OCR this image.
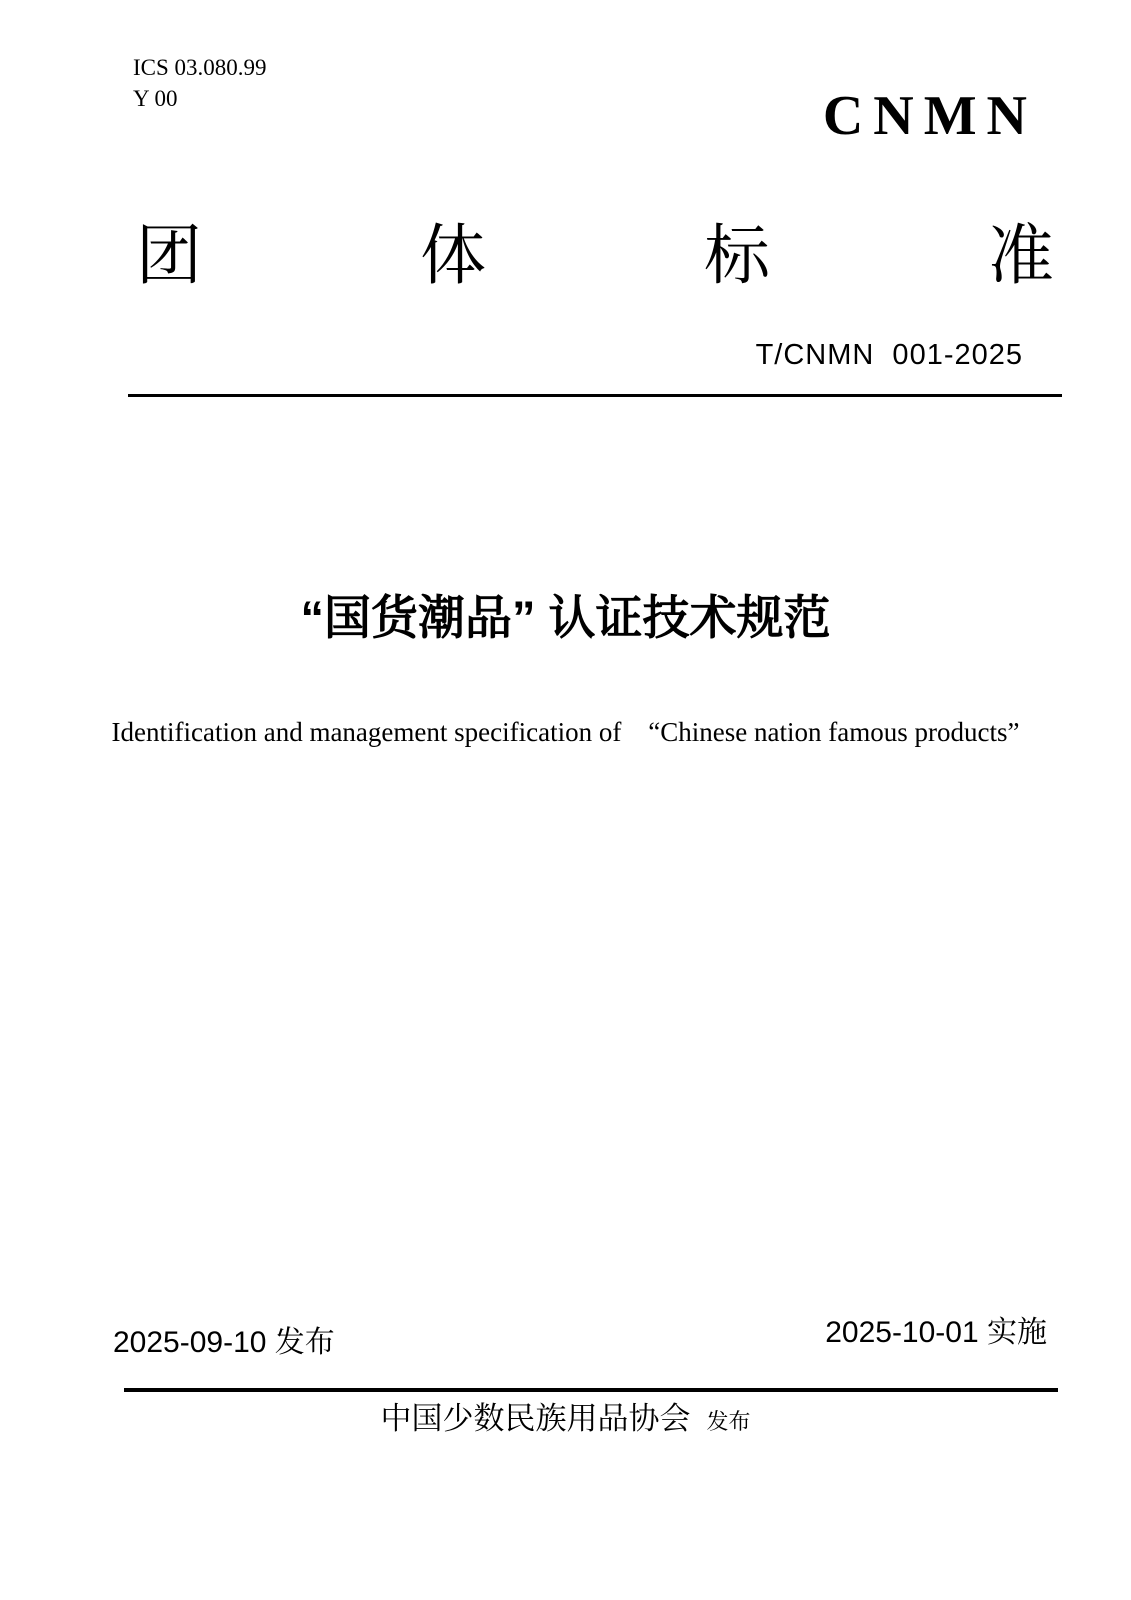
ICS 03.080.99
Y 00	CNMN
团	体	标	准
T/CNMN  001-2025
“国货潮品” 认证技术规范
Identification and management specification of　“Chinese nation famous products”
2025-09-10 发布	2025-10-01 实施
中国少数民族用品协会 发布
